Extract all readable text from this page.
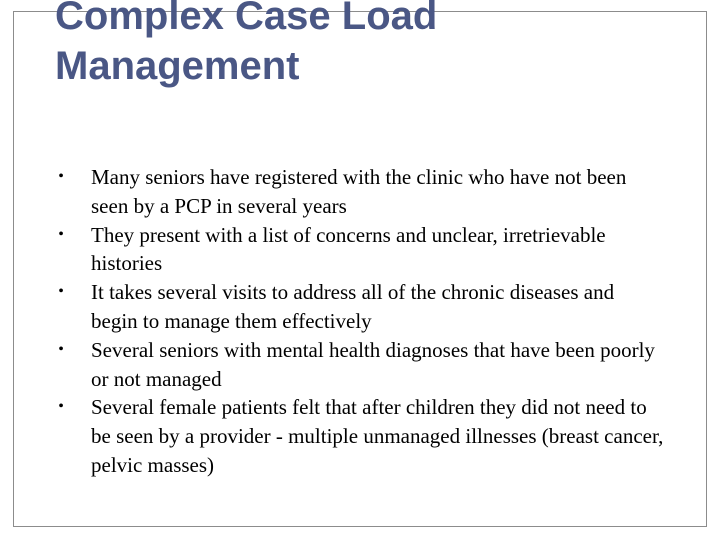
Complex Case Load
Management
• Many seniors have registered with the clinic who have not been seen by a PCP in several years
• They present with a list of concerns and unclear, irretrievable histories
• It takes several visits to address all of the chronic diseases and begin to manage them effectively
• Several seniors with mental health diagnoses that have been poorly or not managed
• Several female patients felt that after children they did not need to be seen by a provider - multiple unmanaged illnesses (breast cancer, pelvic masses)
